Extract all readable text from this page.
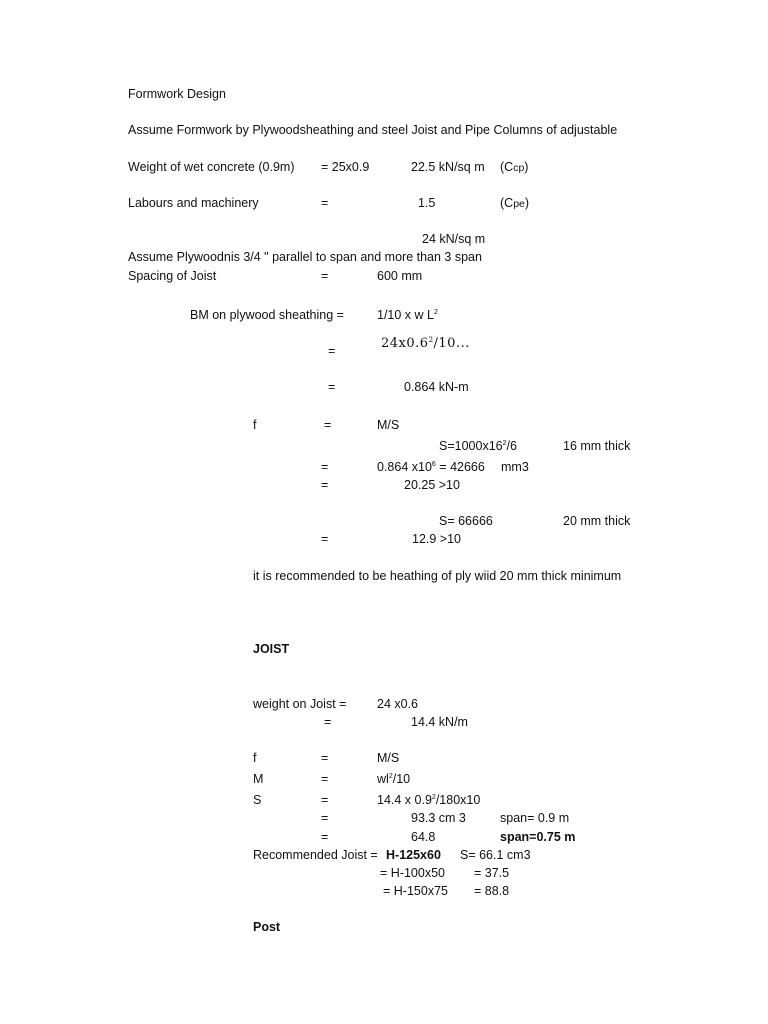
Formwork Design
Assume Formwork by Plywoodsheathing and steel Joist and Pipe Columns of adjustable
Weight of wet concrete (0.9m) = 25x0.9	22.5 kN/sq m (Ccp)
Labours and machinery	=	1.5	(Cpe)
24 kN/sq m
Assume Plywoodnis 3/4 " parallel to span and more than 3 span
Spacing of Joist	=	600 mm
BM on plywood sheathing =	1/10 x w $L^2$
=	$24x0.6^2/10$...
=	0.864 kN-m
f	=	M/S
$S=1000x16^2/6$	16 mm thick
=	0.864 $x10^6 = 42666$ mm3
=	20.25 >10
S= 66666	20 mm thick
=	12.9 >10
it is recommended to be heathing of ply wiid 20 mm thick minimum
JOIST
weight on Joist = 24 x0.6
=	14.4 kN/m
f	=	M/S
M	=	$wl^2/10$
S	=	14.4 x $0.9^2/180x10$
=	93.3 cm 3	span= 0.9 m
=	64.8	span=0.75 m
Recommended Joist = H-125x60 S= 66.1 cm3
= H-100x50 = 37.5
= H-150x75 = 88.8
Post
